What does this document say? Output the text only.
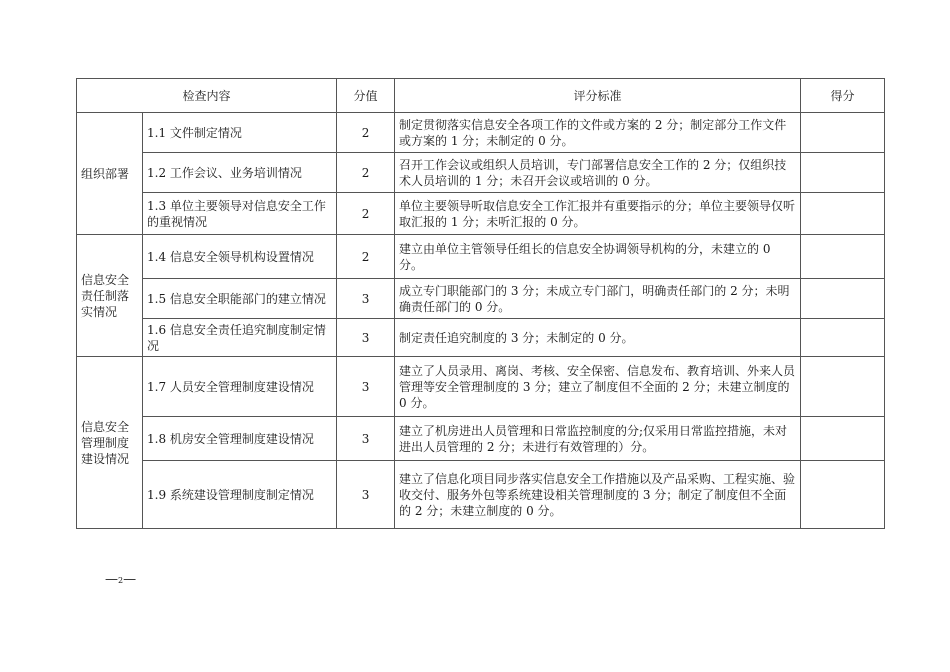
检查内容		分值	评分标准	得分
组织部署	1.1 文件制定情况	2	制定贯彻落实信息安全各项工作的文件或方案的 2 分；制定部分工作文件或方案的 1 分；未制定的 0 分。	

	1.2 工作会议、业务培训情况	2	召开工作会议或组织人员培训，专门部署信息安全工作的 2 分；仅组织技术人员培训的 1 分；未召开会议或培训的 0 分。	

	1.3 单位主要领导对信息安全工作的重视情况	2	单位主要领导听取信息安全工作汇报并有重要指示的分；单位主要领导仅听取汇报的 1 分；未听汇报的 0 分。	
信息安全责任制落实情况	1.4 信息安全领导机构设置情况	2	建立由单位主管领导任组长的信息安全协调领导机构的分，未建立的 0 分。	

	1.5 信息安全职能部门的建立情况	3	成立专门职能部门的 3 分；未成立专门部门，明确责任部门的 2 分；未明确责任部门的 0 分。	

	1.6 信息安全责任追究制度制定情况	3	制定责任追究制度的 3 分；未制定的 0 分。	
信息安全管理制度建设情况	1.7 人员安全管理制度建设情况	3	建立了人员录用、离岗、考核、安全保密、信息发布、教育培训、外来人员管理等安全管理制度的 3 分；建立了制度但不全面的 2 分；未建立制度的 0 分。	

	1.8 机房安全管理制度建设情况	3	建立了机房进出人员管理和日常监控制度的分;仅采用日常监控措施，未对进出人员管理的 2 分；未进行有效管理的）分。	

	1.9 系统建设管理制度制定情况	3	建立了信息化项目同步落实信息安全工作措施以及产品采购、工程实施、验收交付、服务外包等系统建设相关管理制度的 3 分；制定了制度但不全面的 2 分；未建立制度的 0 分。	
—2—
